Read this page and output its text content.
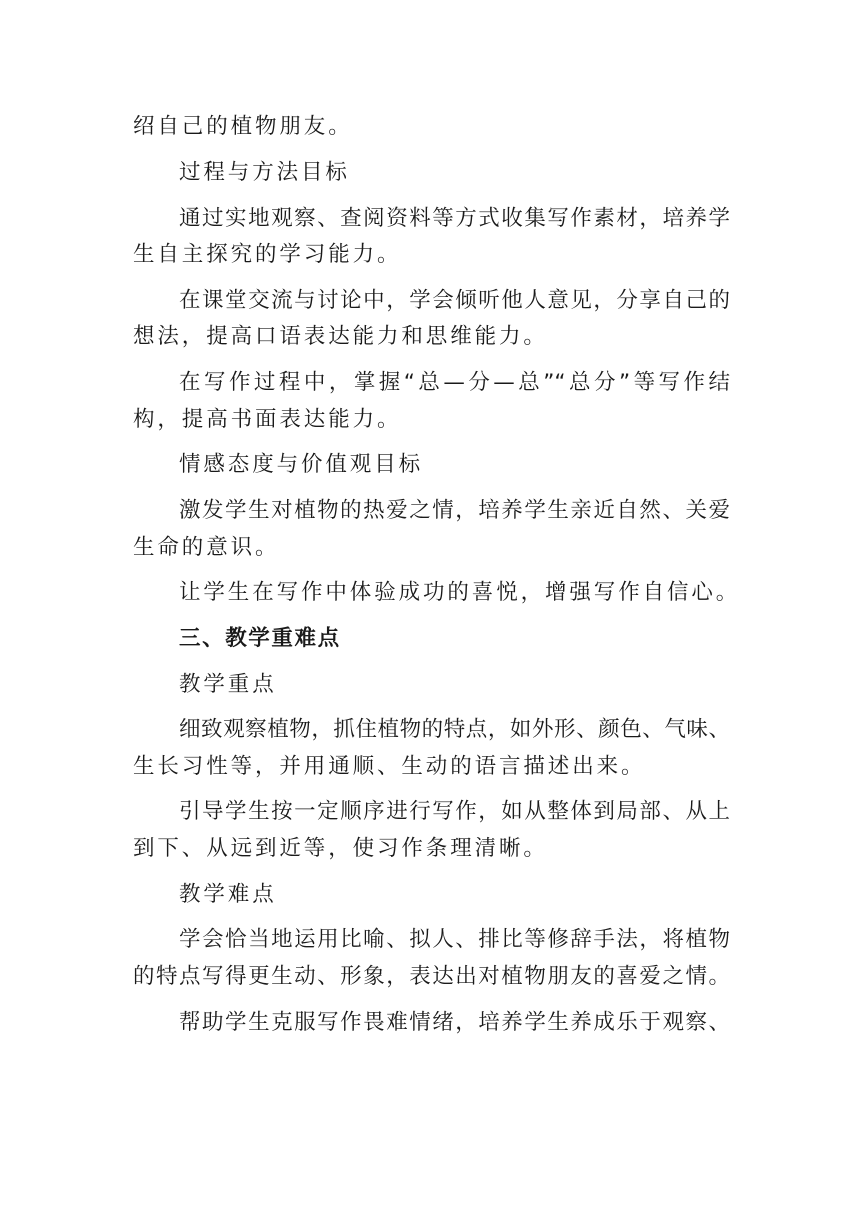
绍自己的植物朋友。
过程与方法目标
通过实地观察、查阅资料等方式收集写作素材，培养学
生自主探究的学习能力。
在课堂交流与讨论中，学会倾听他人意见，分享自己的
想法，提高口语表达能力和思维能力。
在写作过程中，掌握“总—分—总”“总分”等写作结
构，提高书面表达能力。
情感态度与价值观目标
激发学生对植物的热爱之情，培养学生亲近自然、关爱
生命的意识。
让学生在写作中体验成功的喜悦，增强写作自信心。
三、教学重难点
教学重点
细致观察植物，抓住植物的特点，如外形、颜色、气味、
生长习性等，并用通顺、生动的语言描述出来。
引导学生按一定顺序进行写作，如从整体到局部、从上
到下、从远到近等，使习作条理清晰。
教学难点
学会恰当地运用比喻、拟人、排比等修辞手法，将植物
的特点写得更生动、形象，表达出对植物朋友的喜爱之情。
帮助学生克服写作畏难情绪，培养学生养成乐于观察、
